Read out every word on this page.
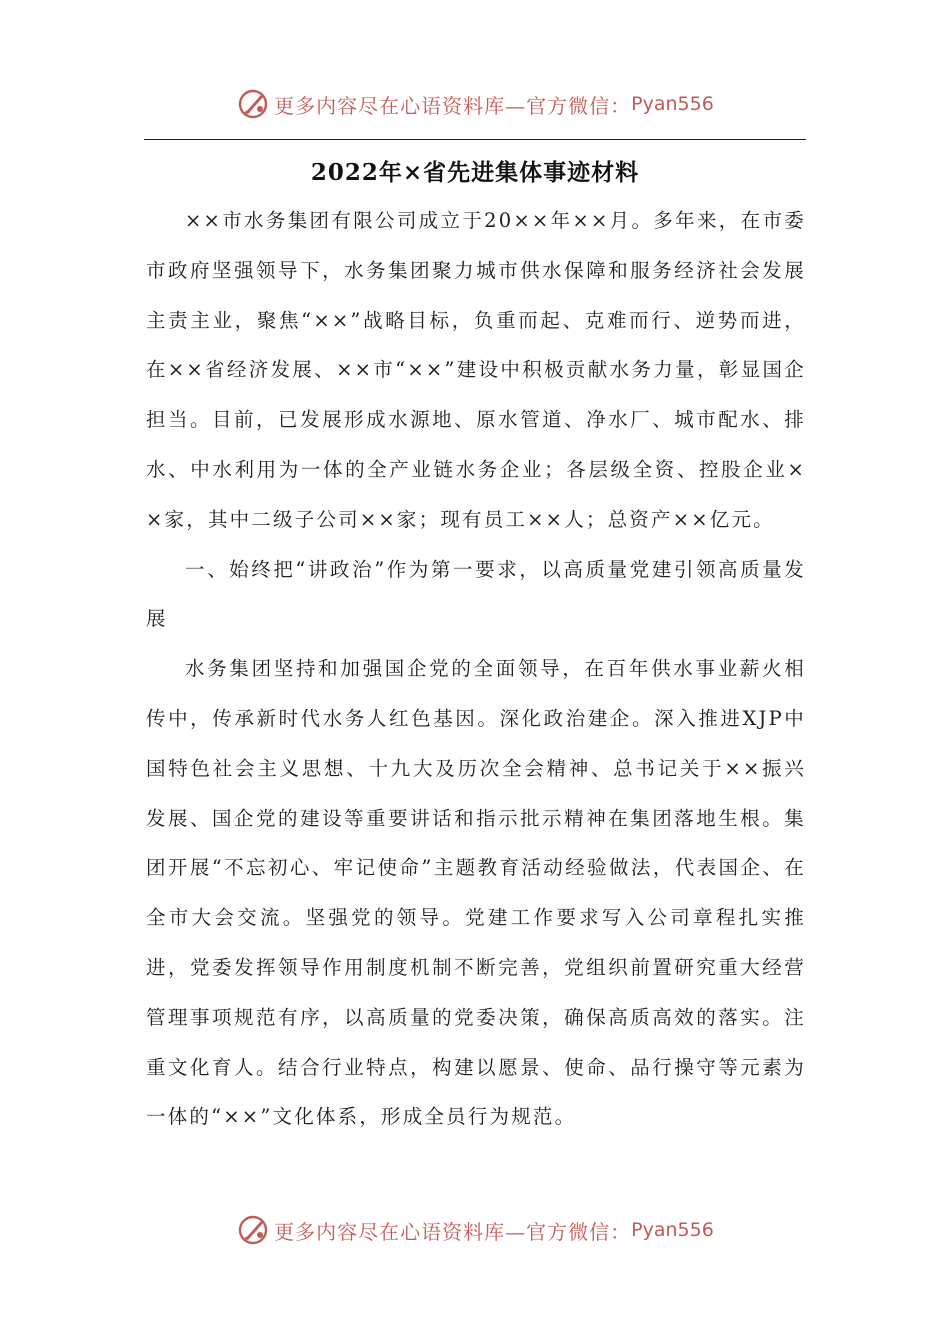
更多内容尽在心语资料库—官方微信： Pyan556
2022年×省先进集体事迹材料

××市水务集团有限公司成立于20××年××月。多年来，在市委市政府坚强领导下，水务集团聚力城市供水保障和服务经济社会发展主责主业，聚焦“××”战略目标，负重而起、克难而行、逆势而进，在××省经济发展、××市“××”建设中积极贡献水务力量，彰显国企担当。目前，已发展形成水源地、原水管道、净水厂、城市配水、排水、中水利用为一体的全产业链水务企业；各层级全资、控股企业××家，其中二级子公司××家；现有员工××人；总资产××亿元。

一、始终把“讲政治”作为第一要求，以高质量党建引领高质量发展

水务集团坚持和加强国企党的全面领导，在百年供水事业薪火相传中，传承新时代水务人红色基因。深化政治建企。深入推进XJP中国特色社会主义思想、十九大及历次全会精神、总书记关于××振兴发展、国企党的建设等重要讲话和指示批示精神在集团落地生根。集团开展“不忘初心、牢记使命”主题教育活动经验做法，代表国企、在全市大会交流。坚强党的领导。党建工作要求写入公司章程扎实推进，党委发挥领导作用制度机制不断完善，党组织前置研究重大经营管理事项规范有序，以高质量的党委决策，确保高质高效的落实。注重文化育人。结合行业特点，构建以愿景、使命、品行操守等元素为一体的“××”文化体系，形成全员行为规范。

更多内容尽在心语资料库—官方微信： Pyan556
